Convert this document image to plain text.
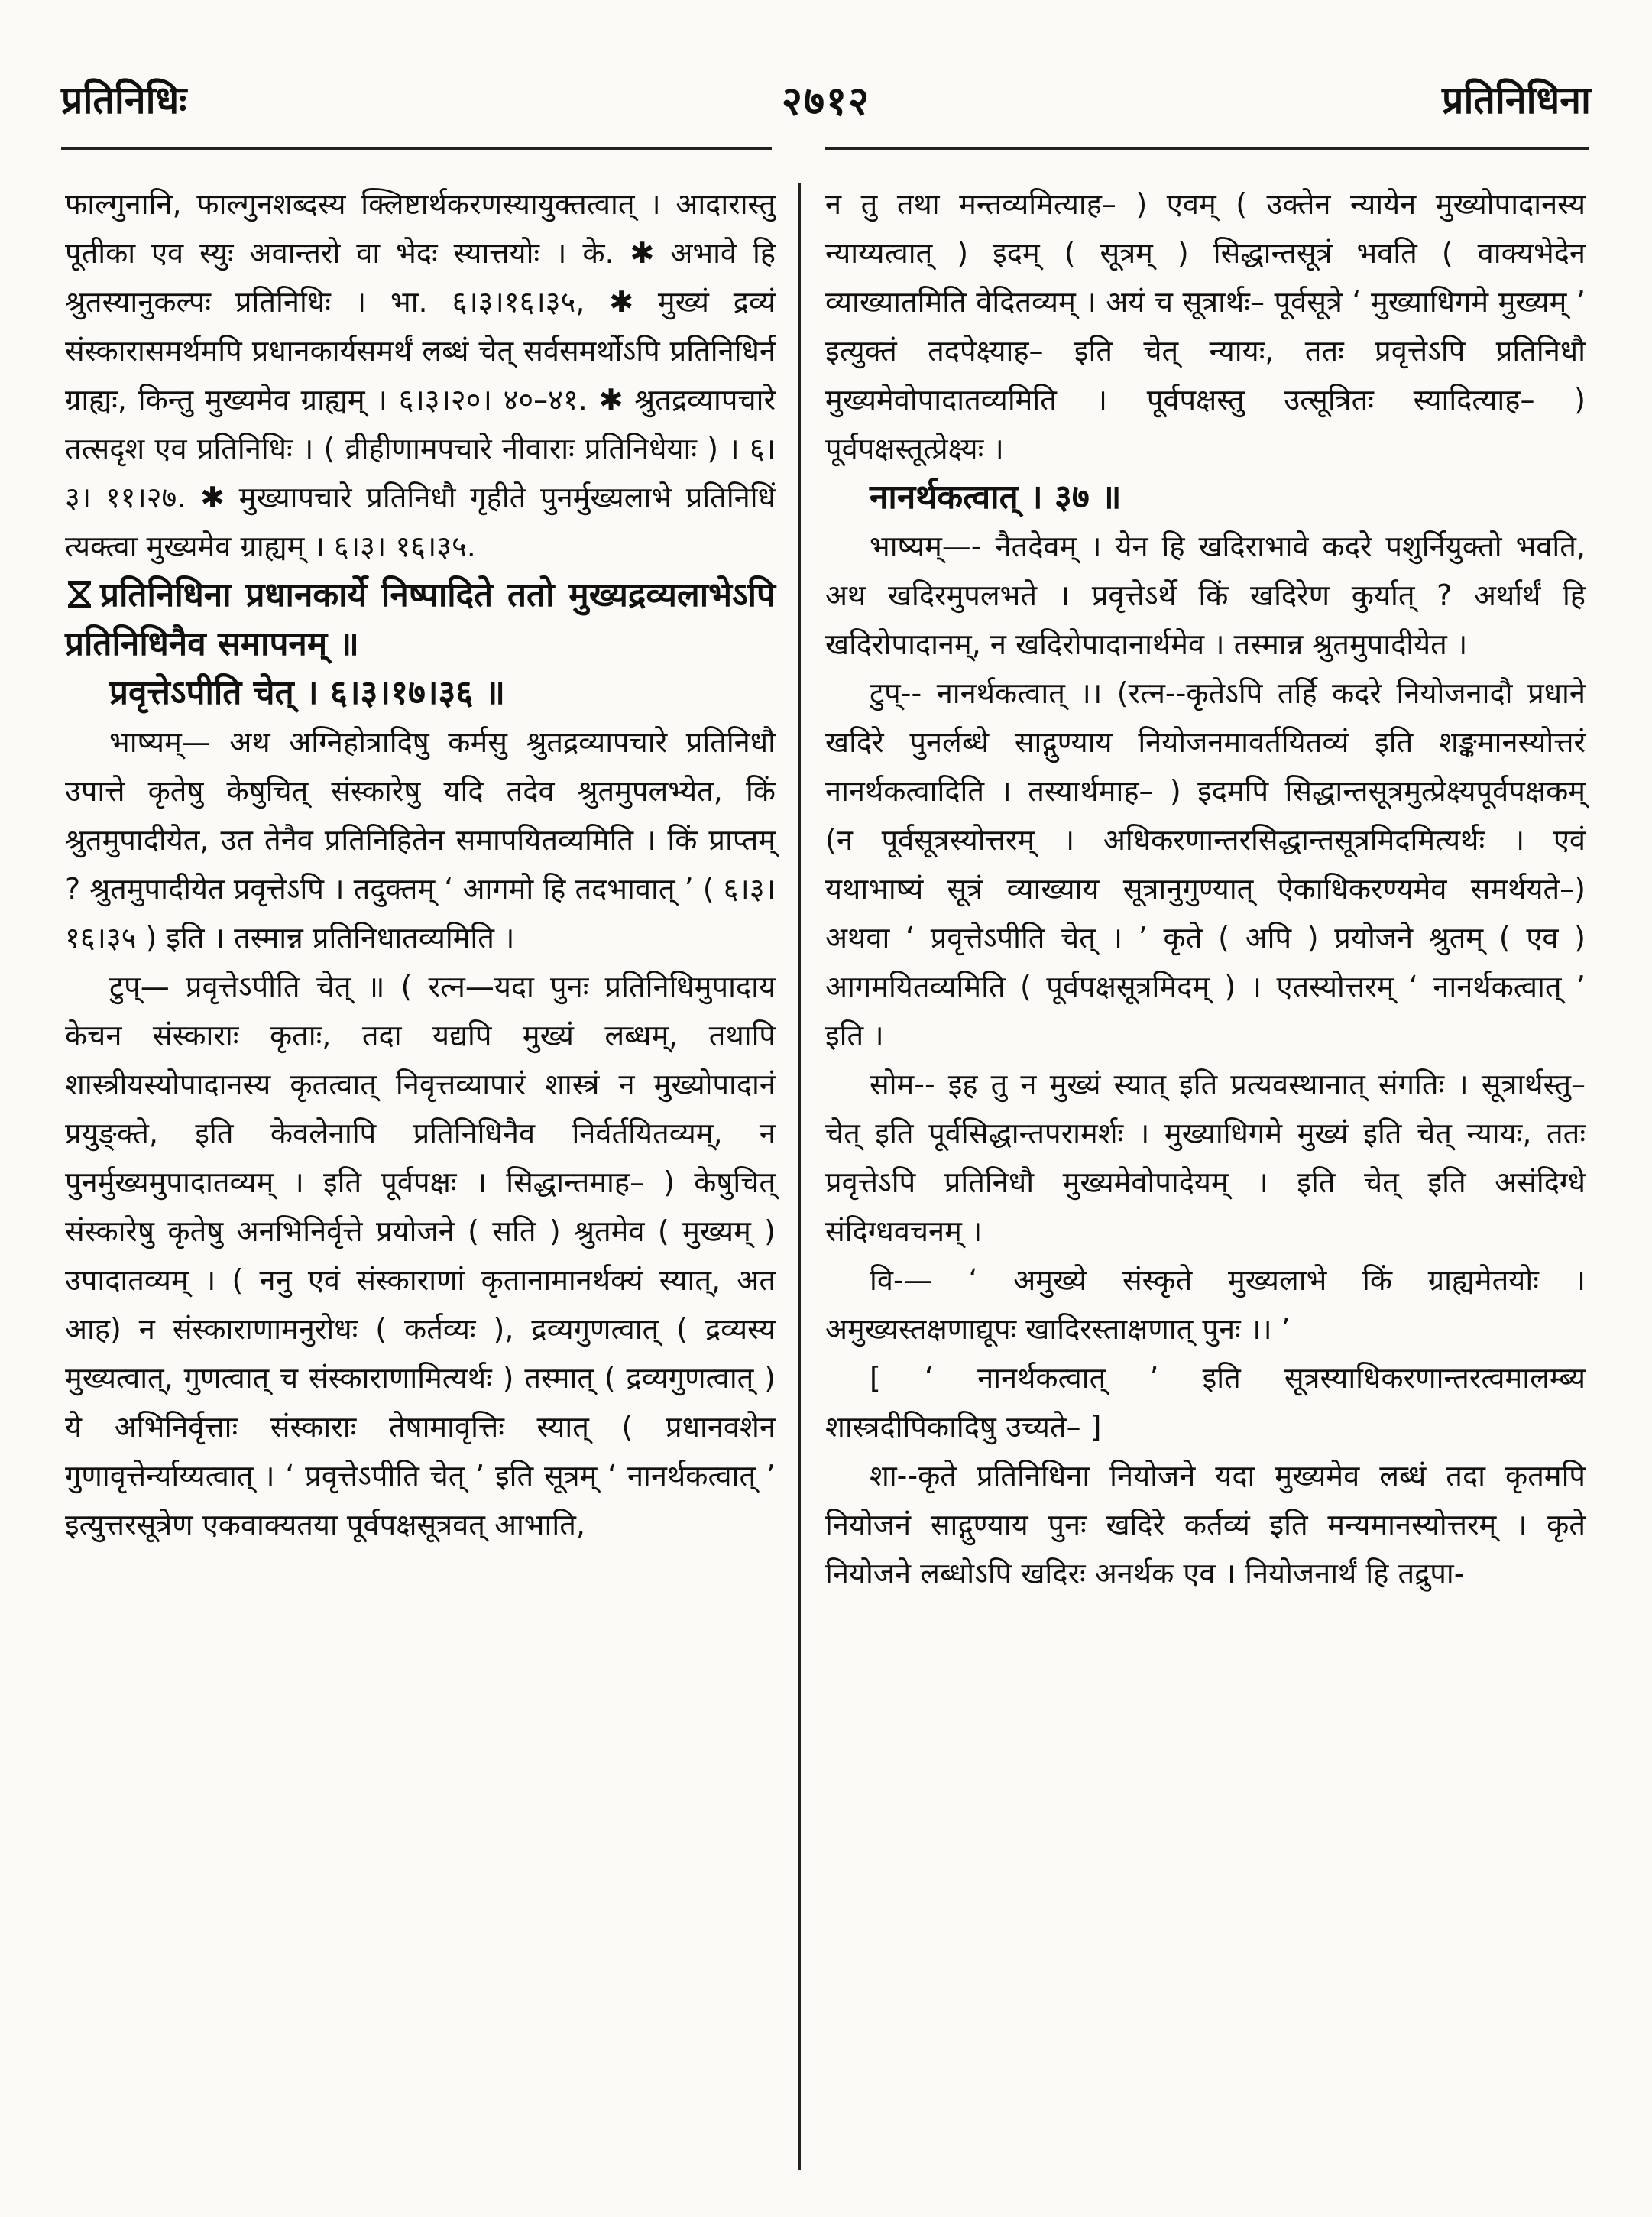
प्रतिनिधिः	२७१२	प्रतिनिधिना

फाल्गुनानि, फाल्गुनशब्दस्य क्लिष्टार्थकरणस्यायुक्तत्वात् । आदारास्तु पूतीका एव स्युः अवान्तरो वा भेदः स्यात्तयोः । के. ✱ अभावे हि श्रुतस्यानुकल्पः प्रतिनिधिः । भा. ६।३।१६।३५, ✱ मुख्यं द्रव्यं संस्कारासमर्थमपि प्रधानकार्यसमर्थं लब्धं चेत् सर्वसमर्थोऽपि प्रतिनिधिर्न ग्राह्यः, किन्तु मुख्यमेव ग्राह्यम् । ६।३।२०। ४०–४१. ✱ श्रुतद्रव्यापचारे तत्सदृश एव प्रतिनिधिः । ( व्रीहीणामपचारे नीवाराः प्रतिनिधेयाः ) । ६।३। ११।२७. ✱ मुख्यापचारे प्रतिनिधौ गृहीते पुनर्मुख्यलाभे प्रतिनिधिं त्यक्त्वा मुख्यमेव ग्राह्यम् । ६।३। १६।३५.

प्रतिनिधिना प्रधानकार्ये निष्पादिते ततो मुख्यद्रव्यलाभेऽपि प्रतिनिधिनैव समापनम् ॥

प्रवृत्तेऽपीति चेत् । ६।३।१७।३६ ॥

भाष्यम्— अथ अग्निहोत्रादिषु कर्मसु श्रुतद्रव्यापचारे प्रतिनिधौ उपात्ते कृतेषु केषुचित् संस्कारेषु यदि तदेव श्रुतमुपलभ्येत, किं श्रुतमुपादीयेत, उत तेनैव प्रतिनिहितेन समापयितव्यमिति । किं प्राप्तम् ? श्रुतमुपादीयेत प्रवृत्तेऽपि । तदुक्तम् ‘ आगमो हि तदभावात् ’ ( ६।३।१६।३५ ) इति । तस्मान्न प्रतिनिधातव्यमिति ।

टुप्— प्रवृत्तेऽपीति चेत् ॥ ( रत्न—यदा पुनः प्रतिनिधिमुपादाय केचन संस्काराः कृताः, तदा यद्यपि मुख्यं लब्धम्, तथापि शास्त्रीयस्योपादानस्य कृतत्वात् निवृत्तव्यापारं शास्त्रं न मुख्योपादानं प्रयुङ्क्ते, इति केवलेनापि प्रतिनिधिनैव निर्वर्तयितव्यम्, न पुनर्मुख्यमुपादातव्यम् । इति पूर्वपक्षः । सिद्धान्तमाह– ) केषुचित् संस्कारेषु कृतेषु अनभिनिर्वृत्ते प्रयोजने ( सति ) श्रुतमेव ( मुख्यम् ) उपादातव्यम् । ( ननु एवं संस्काराणां कृतानामानर्थक्यं स्यात्, अत आह) न संस्काराणामनुरोधः ( कर्तव्यः ), द्रव्यगुणत्वात् ( द्रव्यस्य मुख्यत्वात्, गुणत्वात् च संस्काराणामित्यर्थः ) तस्मात् ( द्रव्यगुणत्वात् ) ये अभिनिर्वृत्ताः संस्काराः तेषामावृत्तिः स्यात् ( प्रधानवशेन गुणावृत्तेर्न्याय्यत्वात् । ‘ प्रवृत्तेऽपीति चेत् ’ इति सूत्रम् ‘ नानर्थकत्वात् ’ इत्युत्तरसूत्रेण एकवाक्यतया पूर्वपक्षसूत्रवत् आभाति,

न तु तथा मन्तव्यमित्याह– ) एवम् ( उक्तेन न्यायेन मुख्योपादानस्य न्याय्यत्वात् ) इदम् ( सूत्रम् ) सिद्धान्तसूत्रं भवति ( वाक्यभेदेन व्याख्यातमिति वेदितव्यम् । अयं च सूत्रार्थः– पूर्वसूत्रे ‘ मुख्याधिगमे मुख्यम् ’ इत्युक्तं तदपेक्ष्याह– इति चेत् न्यायः, ततः प्रवृत्तेऽपि प्रतिनिधौ मुख्यमेवोपादातव्यमिति । पूर्वपक्षस्तु उत्सूत्रितः स्यादित्याह– ) पूर्वपक्षस्तूत्प्रेक्ष्यः ।

नानर्थकत्वात् । ३७ ॥

भाष्यम्—- नैतदेवम् । येन हि खदिराभावे कदरे पशुर्नियुक्तो भवति, अथ खदिरमुपलभते । प्रवृत्तेऽर्थे किं खदिरेण कुर्यात् ? अर्थार्थं हि खदिरोपादानम्, न खदिरोपादानार्थमेव । तस्मान्न श्रुतमुपादीयेत ।

टुप्-- नानर्थकत्वात् ।। (रत्न--कृतेऽपि तर्हि कदरे नियोजनादौ प्रधाने खदिरे पुनर्लब्धे साद्गुण्याय नियोजनमावर्तयितव्यं इति शङ्कमानस्योत्तरं नानर्थकत्वादिति । तस्यार्थमाह– ) इदमपि सिद्धान्तसूत्रमुत्प्रेक्ष्यपूर्वपक्षकम् (न पूर्वसूत्रस्योत्तरम् । अधिकरणान्तरसिद्धान्तसूत्रमिदमित्यर्थः । एवं यथाभाष्यं सूत्रं व्याख्याय सूत्रानुगुण्यात् ऐकाधिकरण्यमेव समर्थयते–) अथवा ‘ प्रवृत्तेऽपीति चेत् । ’ कृते ( अपि ) प्रयोजने श्रुतम् ( एव ) आगमयितव्यमिति ( पूर्वपक्षसूत्रमिदम् ) । एतस्योत्तरम् ‘ नानर्थकत्वात् ’ इति ।

सोम-- इह तु न मुख्यं स्यात् इति प्रत्यवस्थानात् संगतिः । सूत्रार्थस्तु– चेत् इति पूर्वसिद्धान्तपरामर्शः । मुख्याधिगमे मुख्यं इति चेत् न्यायः, ततः प्रवृत्तेऽपि प्रतिनिधौ मुख्यमेवोपादेयम् । इति चेत् इति असंदिग्धे संदिग्धवचनम् ।

वि-— ‘ अमुख्ये संस्कृते मुख्यलाभे किं ग्राह्यमेतयोः । अमुख्यस्तक्षणाद्यूपः खादिरस्ताक्षणात् पुनः ।। ’

[ ‘ नानर्थकत्वात् ’ इति सूत्रस्याधिकरणान्तरत्वमालम्ब्य शास्त्रदीपिकादिषु उच्यते– ]

शा--कृते प्रतिनिधिना नियोजने यदा मुख्यमेव लब्धं तदा कृतमपि नियोजनं साद्गुण्याय पुनः खदिरे कर्तव्यं इति मन्यमानस्योत्तरम् । कृते नियोजने लब्धोऽपि खदिरः अनर्थक एव । नियोजनार्थं हि तद्रुपा-
